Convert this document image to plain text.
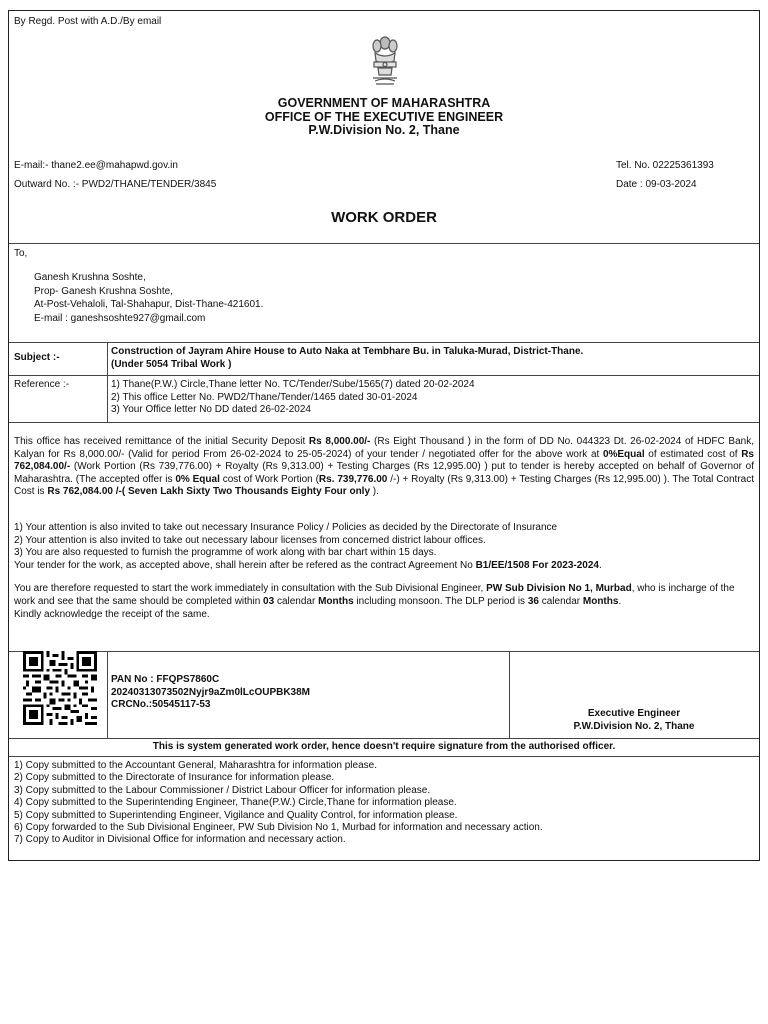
By Regd. Post with A.D./By email
GOVERNMENT OF MAHARASHTRA
OFFICE OF THE EXECUTIVE ENGINEER
P.W.Division No. 2, Thane
E-mail:- thane2.ee@mahapwd.gov.in	Tel. No. 02225361393
Outward No. :- PWD2/THANE/TENDER/3845	Date : 09-03-2024
WORK ORDER
To,
Ganesh Krushna Soshte,
Prop- Ganesh Krushna Soshte,
At-Post-Vehaloli, Tal-Shahapur, Dist-Thane-421601.
E-mail : ganeshsoshte927@gmail.com
Subject :-
Construction of Jayram Ahire House to Auto Naka at Tembhare Bu. in Taluka-Murad, District-Thane.
(Under 5054 Tribal Work )
Reference :-	1) Thane(P.W.) Circle,Thane letter No. TC/Tender/Sube/1565(7) dated 20-02-2024
2) This office Letter No. PWD2/Thane/Tender/1465 dated 30-01-2024
3) Your Office letter No DD dated 26-02-2024
This office has received remittance of the initial Security Deposit Rs 8,000.00/- (Rs Eight Thousand ) in the form of DD No. 044323 Dt. 26-02-2024 of HDFC Bank, Kalyan for Rs 8,000.00/- (Valid for period From 26-02-2024 to 25-05-2024) of your tender / negotiated offer for the above work at 0%Equal of estimated cost of Rs 762,084.00/- (Work Portion (Rs 739,776.00) + Royalty (Rs 9,313.00) + Testing Charges (Rs 12,995.00) ) put to tender is hereby accepted on behalf of Governor of Maharashtra. (The accepted offer is 0% Equal cost of Work Portion (Rs. 739,776.00 /-) + Royalty (Rs 9,313.00) + Testing Charges (Rs 12,995.00) ). The Total Contract Cost is Rs 762,084.00 /-( Seven Lakh Sixty Two Thousands Eighty Four only ).
1) Your attention is also invited to take out necessary Insurance Policy / Policies as decided by the Directorate of Insurance
2) Your attention is also invited to take out necessary labour licenses from concerned district labour offices.
3) You are also requested to furnish the programme of work along with bar chart within 15 days.
Your tender for the work, as accepted above, shall herein after be refered as the contract Agreement No B1/EE/1508 For 2023-2024.
You are therefore requested to start the work immediately in consultation with the Sub Divisional Engineer, PW Sub Division No 1, Murbad, who is incharge of the work and see that the same should be completed within 03 calendar Months including monsoon. The DLP period is 36 calendar Months.
Kindly acknowledge the receipt of the same.
PAN No : FFQPS7860C
20240313073502Nyjr9aZm0lLcOUPBK38M
CRCNo.:50545117-53
Executive Engineer
P.W.Division No. 2, Thane
This is system generated work order, hence doesn't require signature from the authorised officer.
1) Copy submitted to the Accountant General, Maharashtra for information please.
2) Copy submitted to the Directorate of Insurance for information please.
3) Copy submitted to the Labour Commissioner / District Labour Officer for information please.
4) Copy submitted to the Superintending Engineer, Thane(P.W.) Circle,Thane for information please.
5) Copy submitted to Superintending Engineer, Vigilance and Quality Control, for information please.
6) Copy forwarded to the Sub Divisional Engineer, PW Sub Division No 1, Murbad for information and necessary action.
7) Copy to Auditor in Divisional Office for information and necessary action.
